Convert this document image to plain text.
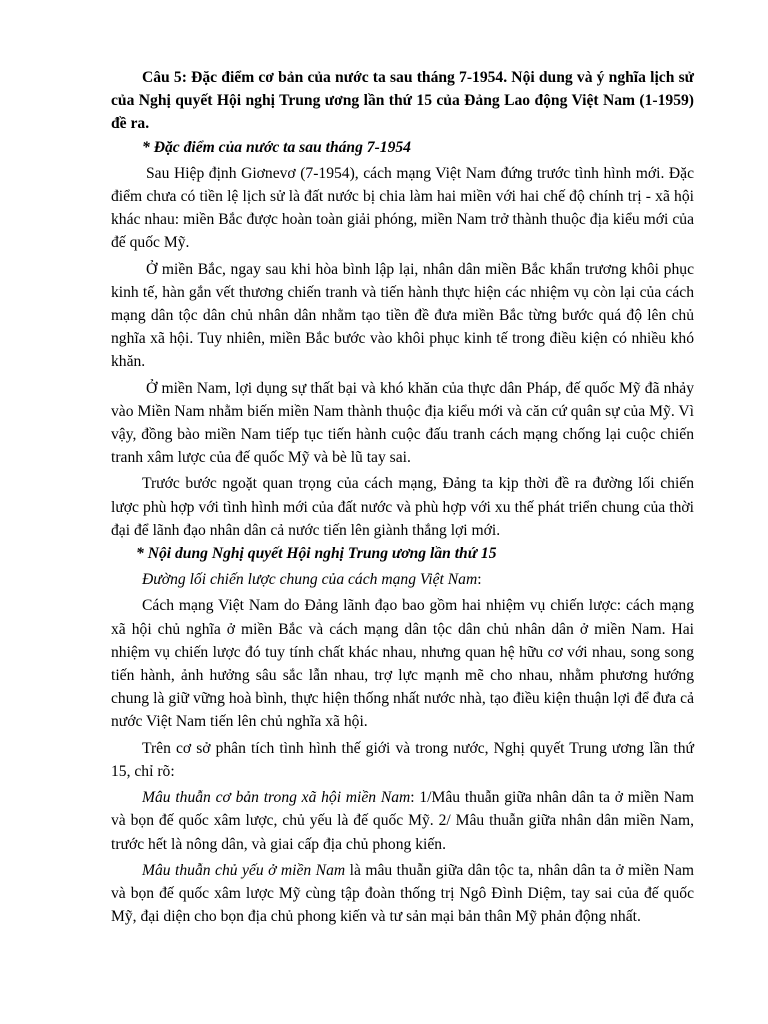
Câu 5: Đặc điểm cơ bản của nước ta sau tháng 7-1954. Nội dung và ý nghĩa lịch sử của Nghị quyết Hội nghị Trung ương lần thứ 15 của Đảng Lao động Việt Nam (1-1959) đề ra.

* Đặc điểm của nước ta sau tháng 7-1954

Sau Hiệp định Giơnevơ (7-1954), cách mạng Việt Nam đứng trước tình hình mới. Đặc điểm chưa có tiền lệ lịch sử là đất nước bị chia làm hai miền với hai chế độ chính trị - xã hội khác nhau: miền Bắc được hoàn toàn giải phóng, miền Nam trở thành thuộc địa kiểu mới của đế quốc Mỹ.

Ở miền Bắc, ngay sau khi hòa bình lập lại, nhân dân miền Bắc khẩn trương khôi phục kinh tế, hàn gắn vết thương chiến tranh và tiến hành thực hiện các nhiệm vụ còn lại của cách mạng dân tộc dân chủ nhân dân nhằm tạo tiền đề đưa miền Bắc từng bước quá độ lên chủ nghĩa xã hội. Tuy nhiên, miền Bắc bước vào khôi phục kinh tế trong điều kiện có nhiều khó khăn.

Ở miền Nam, lợi dụng sự thất bại và khó khăn của thực dân Pháp, đế quốc Mỹ đã nhảy vào Miền Nam nhằm biến miền Nam thành thuộc địa kiểu mới và căn cứ quân sự của Mỹ. Vì vậy, đồng bào miền Nam tiếp tục tiến hành cuộc đấu tranh cách mạng chống lại cuộc chiến tranh xâm lược của đế quốc Mỹ và bè lũ tay sai.

Trước bước ngoặt quan trọng của cách mạng, Đảng ta kịp thời đề ra đường lối chiến lược phù hợp với tình hình mới của đất nước và phù hợp với xu thế phát triển chung của thời đại để lãnh đạo nhân dân cả nước tiến lên giành thắng lợi mới.

* Nội dung Nghị quyết Hội nghị Trung ương lần thứ 15

Đường lối chiến lược chung của cách mạng Việt Nam:

Cách mạng Việt Nam do Đảng lãnh đạo bao gồm hai nhiệm vụ chiến lược: cách mạng xã hội chủ nghĩa ở miền Bắc và cách mạng dân tộc dân chủ nhân dân ở miền Nam. Hai nhiệm vụ chiến lược đó tuy tính chất khác nhau, nhưng quan hệ hữu cơ với nhau, song song tiến hành, ảnh hưởng sâu sắc lẫn nhau, trợ lực mạnh mẽ cho nhau, nhằm phương hướng chung là giữ vững hoà bình, thực hiện thống nhất nước nhà, tạo điều kiện thuận lợi để đưa cả nước Việt Nam tiến lên chủ nghĩa xã hội.

Trên cơ sở phân tích tình hình thế giới và trong nước, Nghị quyết Trung ương lần thứ 15, chỉ rõ:

Mâu thuẫn cơ bản trong xã hội miền Nam: 1/Mâu thuẫn giữa nhân dân ta ở miền Nam và bọn đế quốc xâm lược, chủ yếu là đế quốc Mỹ. 2/ Mâu thuẫn giữa nhân dân miền Nam, trước hết là nông dân, và giai cấp địa chủ phong kiến.

Mâu thuẫn chủ yếu ở miền Nam là mâu thuẫn giữa dân tộc ta, nhân dân ta ở miền Nam và bọn đế quốc xâm lược Mỹ cùng tập đoàn thống trị Ngô Đình Diệm, tay sai của đế quốc Mỹ, đại diện cho bọn địa chủ phong kiến và tư sản mại bản thân Mỹ phản động nhất.
